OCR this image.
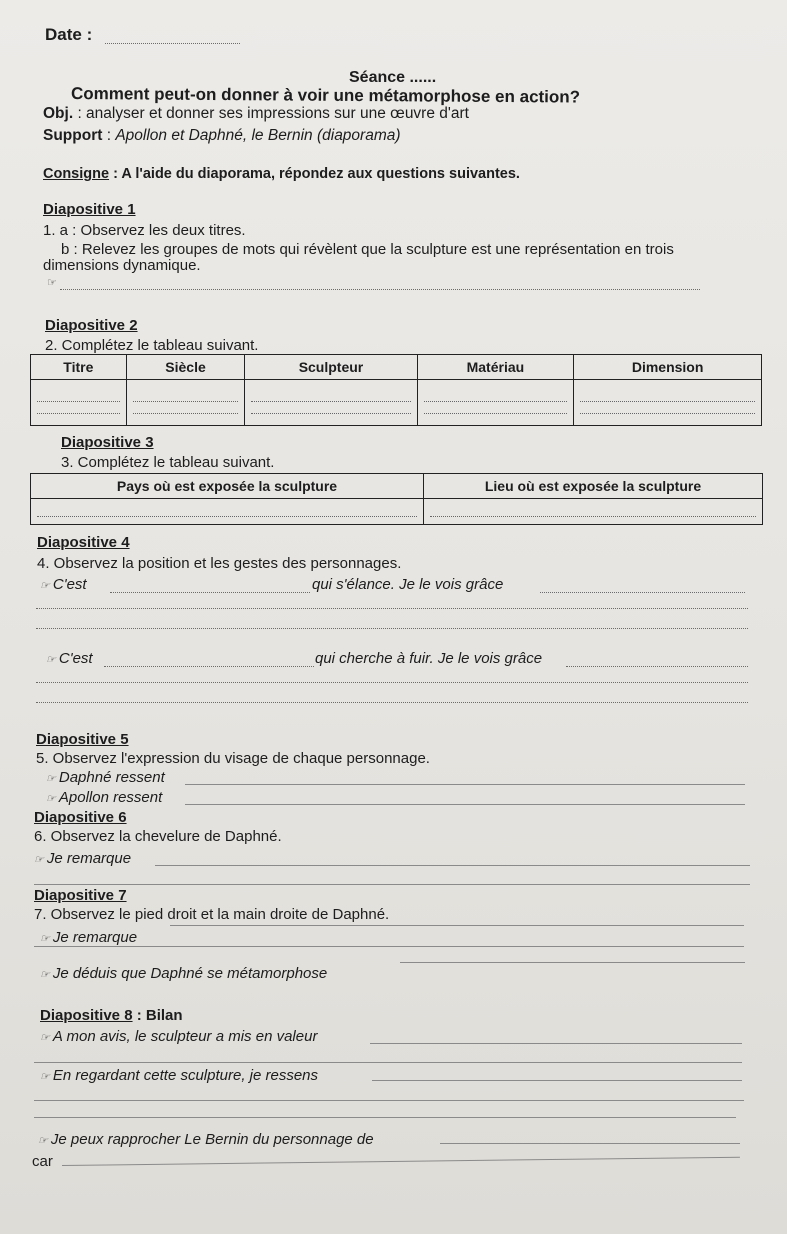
Date :
Séance ......
Comment peut-on donner à voir une métamorphose en action?
Obj. : analyser et donner ses impressions sur une œuvre d'art
Support : Apollon et Daphné, le Bernin (diaporama)
Consigne : A l'aide du diaporama, répondez aux questions suivantes.
Diapositive 1
1. a : Observez les deux titres.
b : Relevez les groupes de mots qui révèlent que la sculpture est une représentation en trois
dimensions dynamique.
☞
Diapositive 2
2. Complétez le tableau suivant.
Titre	Siècle	Sculpteur	Matériau	Dimension

Diapositive 3
3. Complétez le tableau suivant.
Pays où est exposée la sculpture	Lieu où est exposée la sculpture

Diapositive 4
4. Observez la position et les gestes des personnages.
☞ C'est	qui s'élance. Je le vois grâce
☞ C'est	qui cherche à fuir. Je le vois grâce
Diapositive 5
5. Observez l'expression du visage de chaque personnage.
☞ Daphné ressent
☞ Apollon ressent
Diapositive 6
6. Observez la chevelure de Daphné.
☞ Je remarque
Diapositive 7
7. Observez le pied droit et la main droite de Daphné.
☞ Je remarque
☞ Je déduis que Daphné se métamorphose
Diapositive 8 : Bilan
☞ A mon avis, le sculpteur a mis en valeur
☞ En regardant cette sculpture, je ressens
☞ Je peux rapprocher Le Bernin du personnage de
car
